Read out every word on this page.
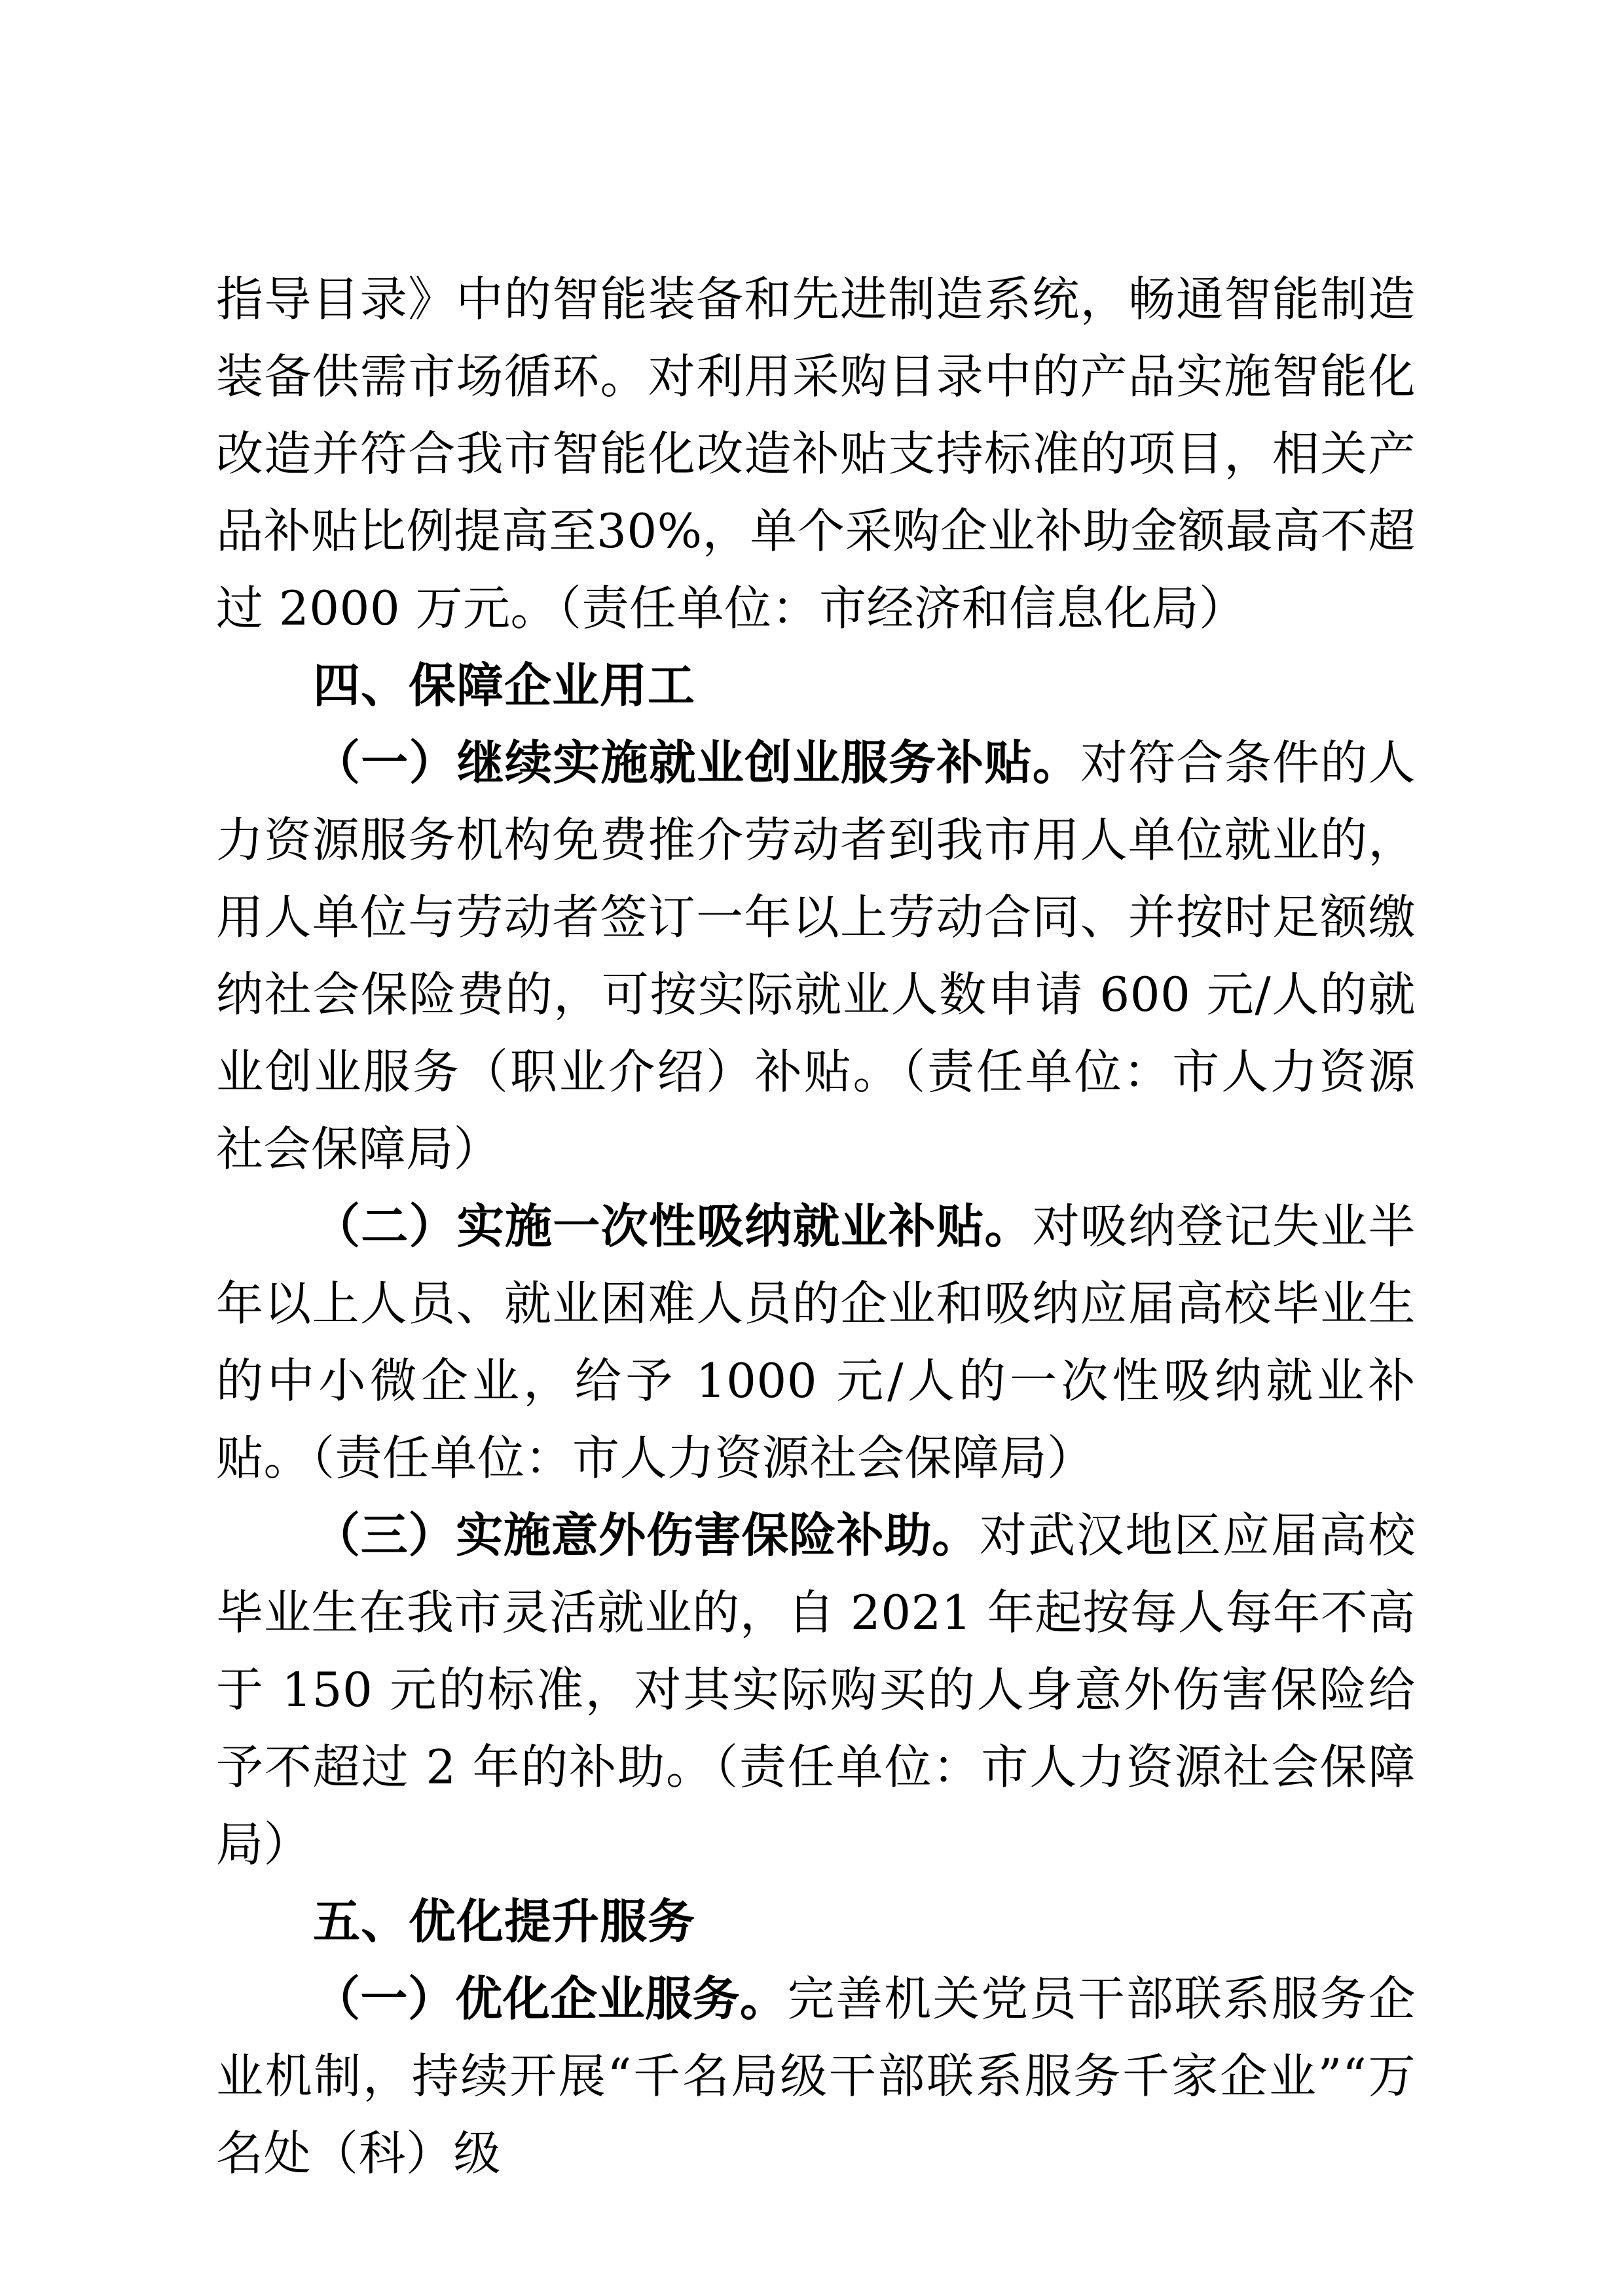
指导目录》中的智能装备和先进制造系统，畅通智能制造装备供需市场循环。对利用采购目录中的产品实施智能化改造并符合我市智能化改造补贴支持标准的项目，相关产品补贴比例提高至30%，单个采购企业补助金额最高不超过 2000 万元。（责任单位：市经济和信息化局）

四、保障企业用工

（一）继续实施就业创业服务补贴。对符合条件的人力资源服务机构免费推介劳动者到我市用人单位就业的，用人单位与劳动者签订一年以上劳动合同、并按时足额缴纳社会保险费的，可按实际就业人数申请 600 元/人的就业创业服务（职业介绍）补贴。（责任单位：市人力资源社会保障局）

（二）实施一次性吸纳就业补贴。对吸纳登记失业半年以上人员、就业困难人员的企业和吸纳应届高校毕业生的中小微企业，给予 1000 元/人的一次性吸纳就业补贴。（责任单位：市人力资源社会保障局）

（三）实施意外伤害保险补助。对武汉地区应届高校毕业生在我市灵活就业的，自 2021 年起按每人每年不高于 150 元的标准，对其实际购买的人身意外伤害保险给予不超过 2 年的补助。（责任单位：市人力资源社会保障局）

五、优化提升服务

（一）优化企业服务。完善机关党员干部联系服务企业机制，持续开展“千名局级干部联系服务千家企业”“万名处（科）级
